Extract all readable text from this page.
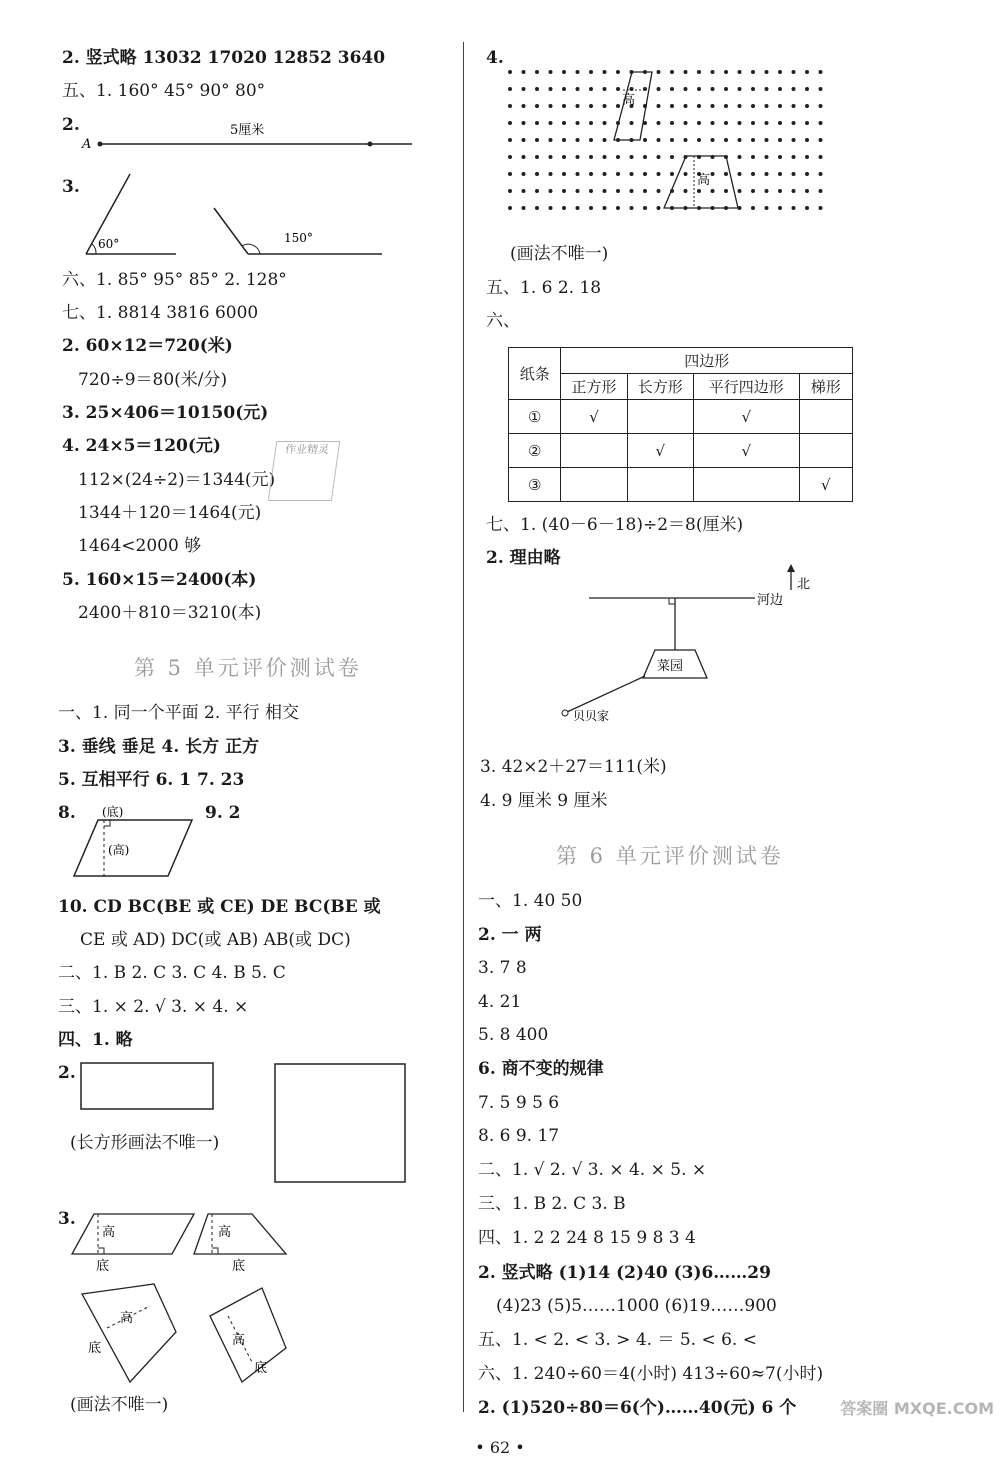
2. 竖式略 13032 17020 12852 3640
五、1. 160° 45° 90° 80°
2.
A
5厘米
3.
60°	150°
六、1. 85° 95° 85° 2. 128°
七、1. 8814 3816 6000
2. 60×12＝720(米)
720÷9＝80(米/分)
3. 25×406＝10150(元)
4. 24×5＝120(元)
112×(24÷2)＝1344(元)
1344＋120＝1464(元)
1464<2000 够
5. 160×15＝2400(本)
2400＋810＝3210(本)
作业精灵
第 5 单元评价测试卷
一、1. 同一个平面 2. 平行 相交
3. 垂线 垂足 4. 长方 正方
5. 互相平行 6. 1 7. 23
8.	9. 2
(底)
(高)
10. CD BC(BE 或 CE) DE BC(BE 或
CE 或 AD) DC(或 AB) AB(或 DC)
二、1. B 2. C 3. C 4. B 5. C
三、1. × 2. √ 3. × 4. ×
四、1. 略
2.
(长方形画法不唯一)
3.
高
底
高
底
高
底
高
底
(画法不唯一)
4.
高
高
(画法不唯一)
五、1. 6 2. 18
六、
纸条	四边形			
	正方形	长方形	平行四边形	梯形
①	√		√	
②		√	√	
③				√
七、1. (40－6－18)÷2＝8(厘米)
2. 理由略
河边
北
菜园
贝贝家
3. 42×2＋27＝111(米)
4. 9 厘米 9 厘米
第 6 单元评价测试卷
一、1. 40 50
2. 一 两
3. 7 8
4. 21
5. 8 400
6. 商不变的规律
7. 5 9 5 6
8. 6 9. 17
二、1. √ 2. √ 3. × 4. × 5. ×
三、1. B 2. C 3. B
四、1. 2 2 24 8 15 9 8 3 4
2. 竖式略 (1)14 (2)40 (3)6……29
(4)23 (5)5……1000 (6)19……900
五、1. < 2. < 3. > 4. ＝ 5. < 6. <
六、1. 240÷60＝4(小时) 413÷60≈7(小时)
2. (1)520÷80＝6(个)……40(元) 6 个
• 62 •
答案圈 MXQE.COM
